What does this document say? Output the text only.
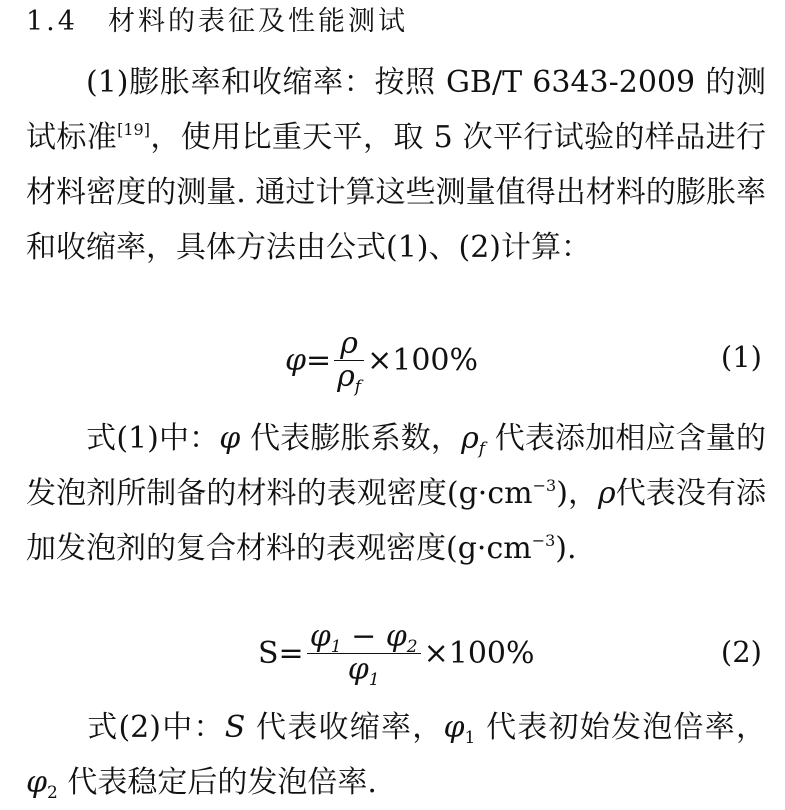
1.4 材料的表征及性能测试

(1)膨胀率和收缩率：按照 GB/T 6343-2009 的测试标准[19]，使用比重天平，取 5 次平行试验的样品进行材料密度的测量. 通过计算这些测量值得出材料的膨胀率和收缩率，具体方法由公式(1)、(2)计算：

$\varphi= \frac{\rho}{\rho_f} \times 100\%$	(1)

式(1)中：φ 代表膨胀系数，$\rho_f$ 代表添加相应含量的发泡剂所制备的材料的表观密度$(g\cdot cm^{-3})$，ρ代表没有添加发泡剂的复合材料的表观密度$(g\cdot cm^{-3})$.

$S= \frac{\varphi_1 - \varphi_2}{\varphi_1} \times 100\%$	(2)

式(2)中：S 代表收缩率，$\varphi_1$ 代表初始发泡倍率，$\varphi_2$ 代表稳定后的发泡倍率.
